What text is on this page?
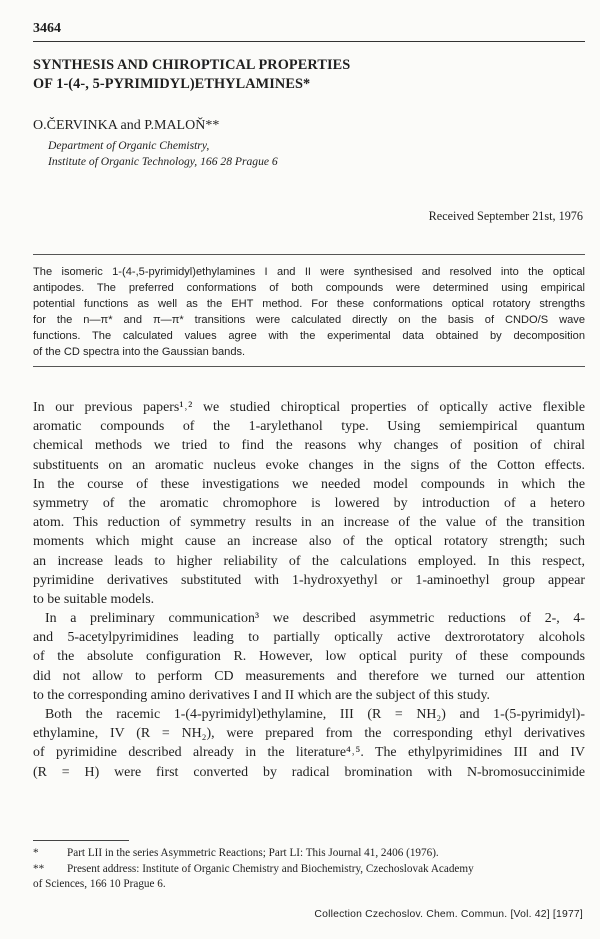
3464
SYNTHESIS AND CHIROPTICAL PROPERTIES
OF 1-(4-, 5-PYRIMIDYL)ETHYLAMINES*
O.ČERVINKA and P.MALOŇ**
Department of Organic Chemistry,
Institute of Organic Technology, 166 28 Prague 6
Received September 21st, 1976
The isomeric 1-(4-,5-pyrimidyl)ethylamines I and II were synthesised and resolved into the optical
antipodes. The preferred conformations of both compounds were determined using empirical
potential functions as well as the EHT method. For these conformations optical rotatory strengths
for the n—π* and π—π* transitions were calculated directly on the basis of CNDO/S wave
functions. The calculated values agree with the experimental data obtained by decomposition
of the CD spectra into the Gaussian bands.
In our previous papers¹˒² we studied chiroptical properties of optically active flexible
aromatic compounds of the 1-arylethanol type. Using semiempirical quantum
chemical methods we tried to find the reasons why changes of position of chiral
substituents on an aromatic nucleus evoke changes in the signs of the Cotton effects.
In the course of these investigations we needed model compounds in which the
symmetry of the aromatic chromophore is lowered by introduction of a hetero
atom. This reduction of symmetry results in an increase of the value of the transition
moments which might cause an increase also of the optical rotatory strength; such
an increase leads to higher reliability of the calculations employed. In this respect,
pyrimidine derivatives substituted with 1-hydroxyethyl or 1-aminoethyl group appear
to be suitable models.
In a preliminary communication³ we described asymmetric reductions of 2-, 4-
and 5-acetylpyrimidines leading to partially optically active dextrorotatory alcohols
of the absolute configuration R. However, low optical purity of these compounds
did not allow to perform CD measurements and therefore we turned our attention
to the corresponding amino derivatives I and II which are the subject of this study.
Both the racemic 1-(4-pyrimidyl)ethylamine, III (R = NH₂) and 1-(5-pyrimidyl)-
ethylamine, IV (R = NH₂), were prepared from the corresponding ethyl derivatives
of pyrimidine described already in the literature⁴˒⁵. The ethylpyrimidines III and IV
(R = H) were first converted by radical bromination with N-bromosuccinimide
*	Part LII in the series Asymmetric Reactions; Part LI: This Journal 41, 2406 (1976).
** Present address: Institute of Organic Chemistry and Biochemistry, Czechoslovak Academy
of Sciences, 166 10 Prague 6.
Collection Czechoslov. Chem. Commun. [Vol. 42] [1977]
